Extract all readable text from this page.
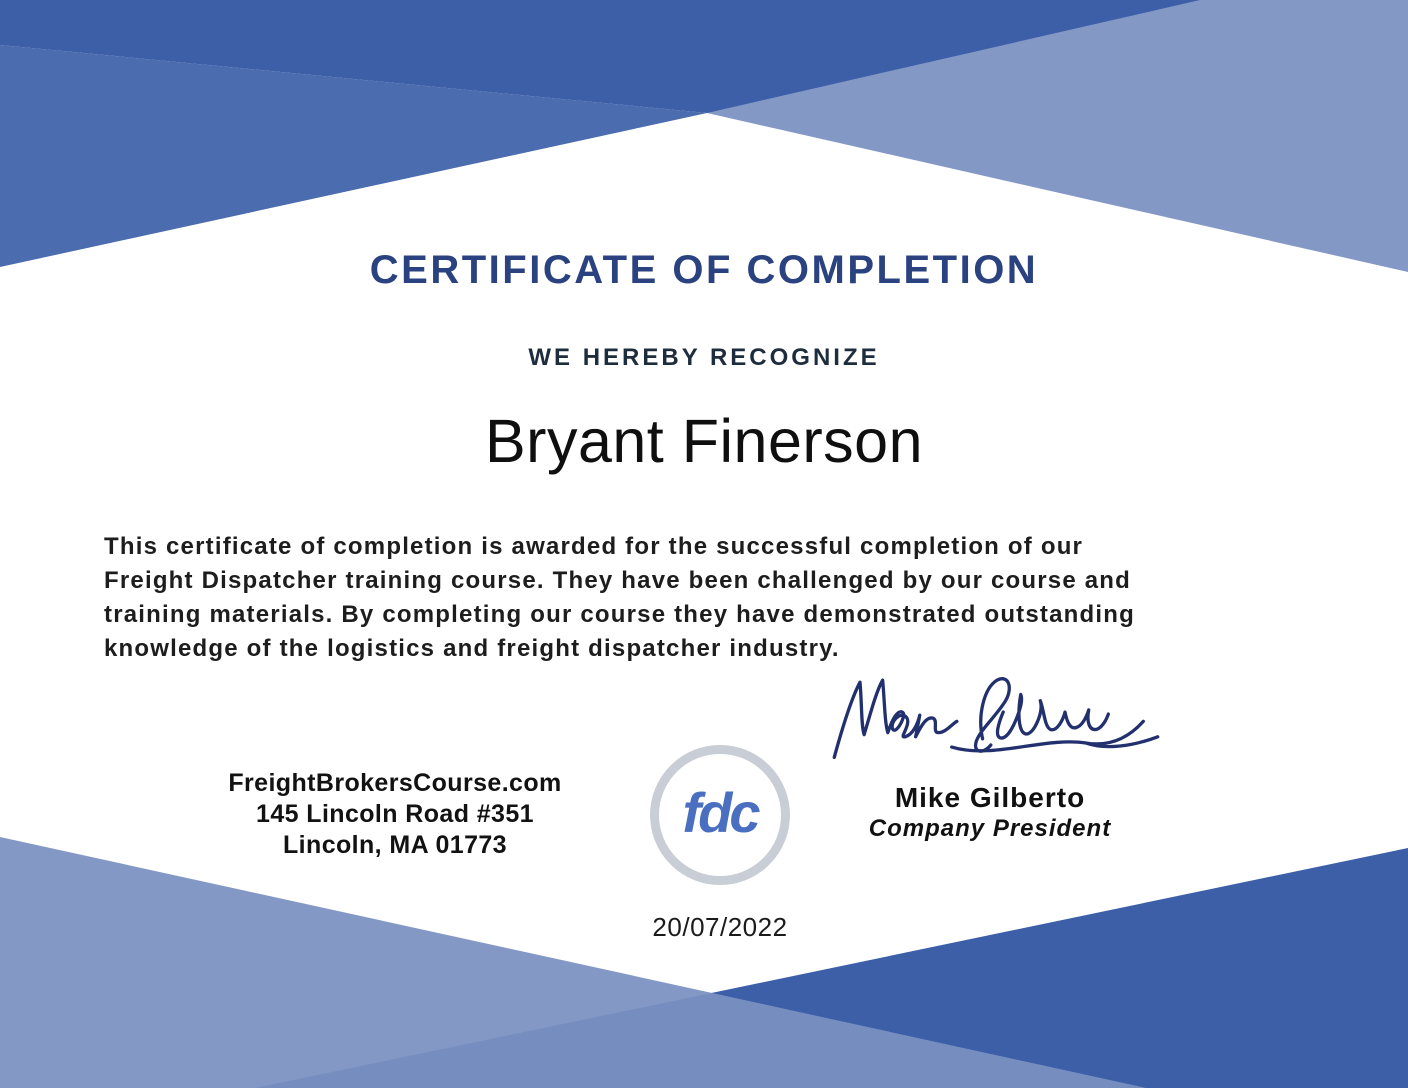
CERTIFICATE OF COMPLETION
WE HEREBY RECOGNIZE
Bryant Finerson
This certificate of completion is awarded for the successful completion of our
Freight Dispatcher training course. They have been challenged by our course and
training materials. By completing our course they have demonstrated outstanding
knowledge of the logistics and freight dispatcher industry.
FreightBrokersCourse.com
145 Lincoln Road #351
Lincoln, MA 01773
fdc	Mike Gilberto
Company President
20/07/2022
